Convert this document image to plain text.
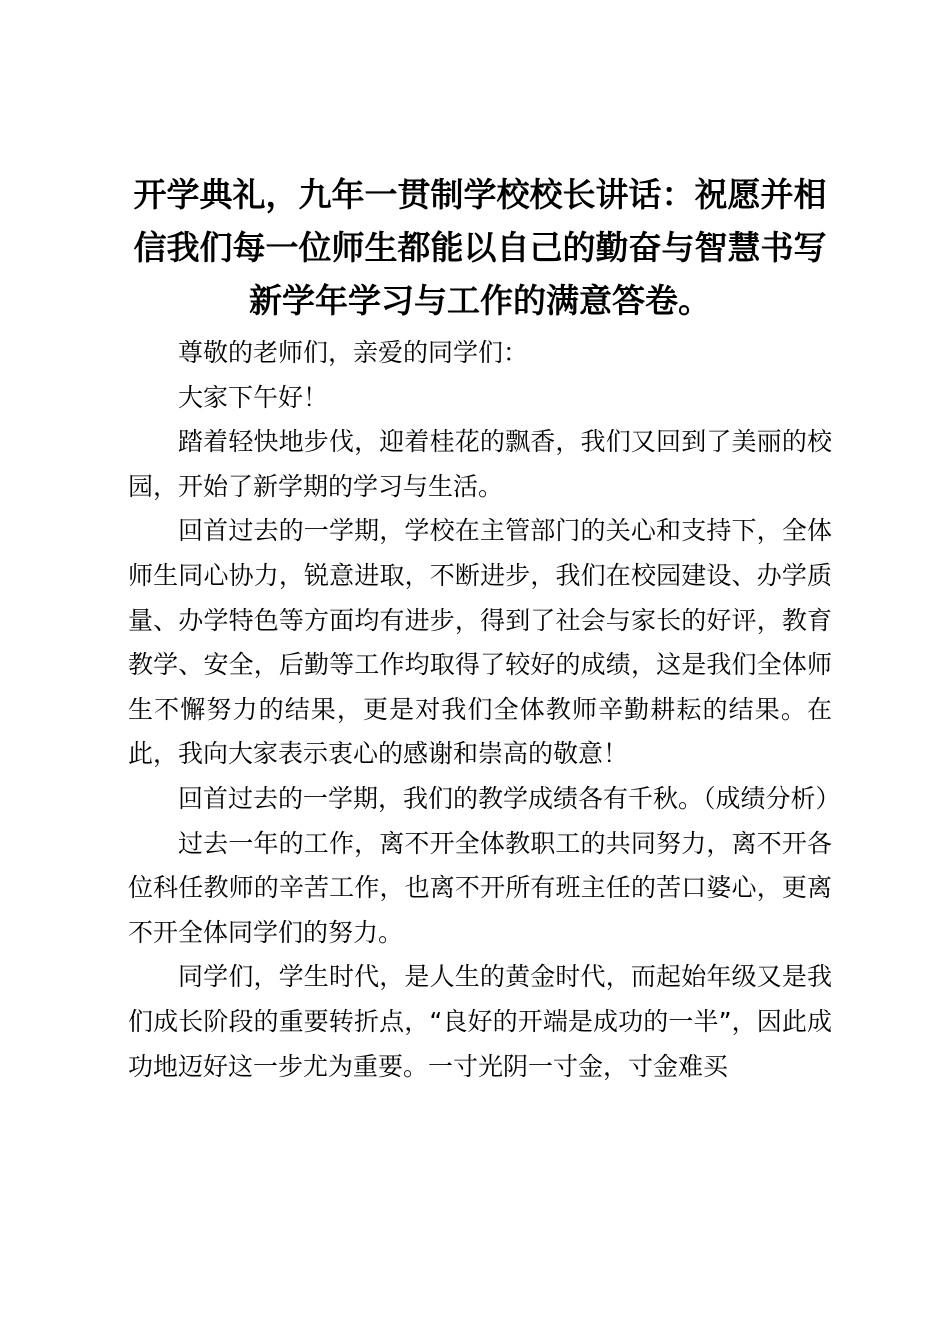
开学典礼，九年一贯制学校校长讲话：祝愿并相信我们每一位师生都能以自己的勤奋与智慧书写新学年学习与工作的满意答卷。

尊敬的老师们，亲爱的同学们：

大家下午好！

踏着轻快地步伐，迎着桂花的飘香，我们又回到了美丽的校园，开始了新学期的学习与生活。

回首过去的一学期，学校在主管部门的关心和支持下，全体师生同心协力，锐意进取，不断进步，我们在校园建设、办学质量、办学特色等方面均有进步，得到了社会与家长的好评，教育教学、安全，后勤等工作均取得了较好的成绩，这是我们全体师生不懈努力的结果，更是对我们全体教师辛勤耕耘的结果。在此，我向大家表示衷心的感谢和崇高的敬意！

回首过去的一学期，我们的教学成绩各有千秋。（成绩分析）

过去一年的工作，离不开全体教职工的共同努力，离不开各位科任教师的辛苦工作，也离不开所有班主任的苦口婆心，更离不开全体同学们的努力。

同学们，学生时代，是人生的黄金时代，而起始年级又是我们成长阶段的重要转折点，“良好的开端是成功的一半”，因此成功地迈好这一步尤为重要。一寸光阴一寸金，寸金难买
